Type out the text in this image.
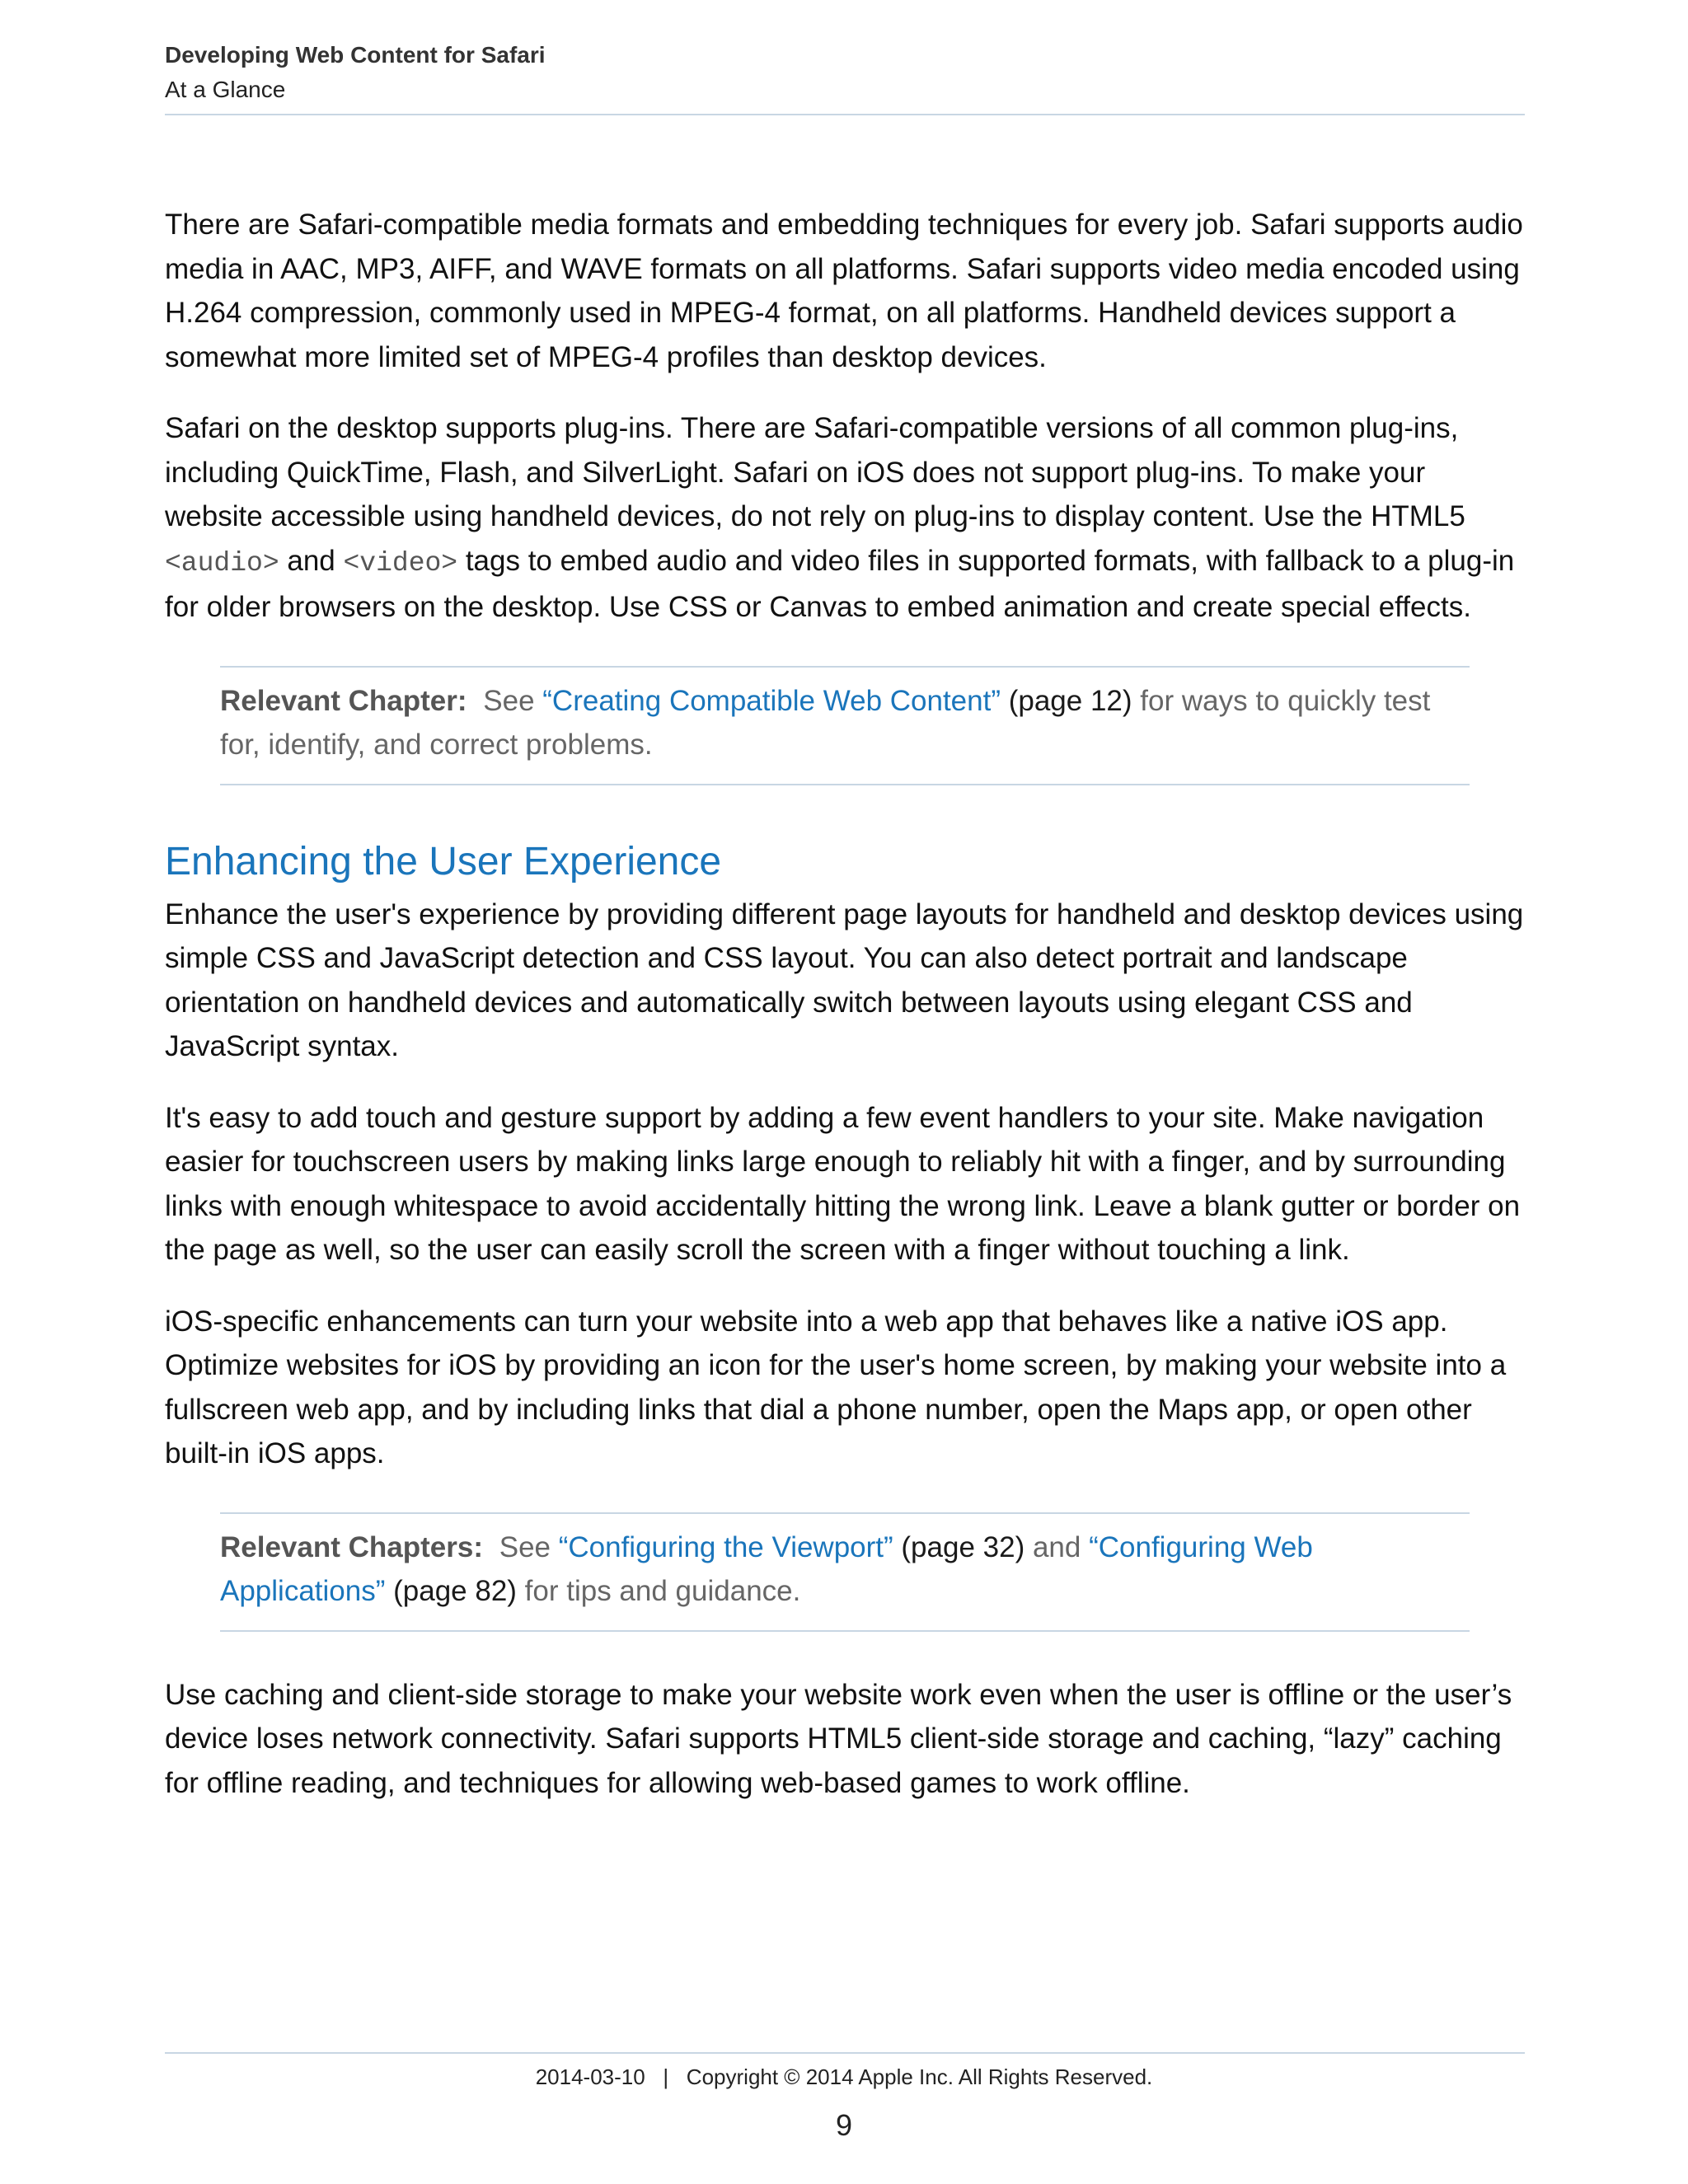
Developing Web Content for Safari
At a Glance

There are Safari-compatible media formats and embedding techniques for every job. Safari supports audio media in AAC, MP3, AIFF, and WAVE formats on all platforms. Safari supports video media encoded using H.264 compression, commonly used in MPEG-4 format, on all platforms. Handheld devices support a somewhat more limited set of MPEG-4 profiles than desktop devices.

Safari on the desktop supports plug-ins. There are Safari-compatible versions of all common plug-ins, including QuickTime, Flash, and SilverLight. Safari on iOS does not support plug-ins. To make your website accessible using handheld devices, do not rely on plug-ins to display content. Use the HTML5 <audio> and <video> tags to embed audio and video files in supported formats, with fallback to a plug-in for older browsers on the desktop. Use CSS or Canvas to embed animation and create special effects.

Relevant Chapter: See “Creating Compatible Web Content” (page 12) for ways to quickly test for, identify, and correct problems.
Enhancing the User Experience

Enhance the user's experience by providing different page layouts for handheld and desktop devices using simple CSS and JavaScript detection and CSS layout. You can also detect portrait and landscape orientation on handheld devices and automatically switch between layouts using elegant CSS and JavaScript syntax.

It's easy to add touch and gesture support by adding a few event handlers to your site. Make navigation easier for touchscreen users by making links large enough to reliably hit with a finger, and by surrounding links with enough whitespace to avoid accidentally hitting the wrong link. Leave a blank gutter or border on the page as well, so the user can easily scroll the screen with a finger without touching a link.

iOS-specific enhancements can turn your website into a web app that behaves like a native iOS app. Optimize websites for iOS by providing an icon for the user's home screen, by making your website into a fullscreen web app, and by including links that dial a phone number, open the Maps app, or open other built-in iOS apps.

Relevant Chapters: See “Configuring the Viewport” (page 32) and “Configuring Web Applications” (page 82) for tips and guidance.

Use caching and client-side storage to make your website work even when the user is offline or the user’s device loses network connectivity. Safari supports HTML5 client-side storage and caching, “lazy” caching for offline reading, and techniques for allowing web-based games to work offline.

2014-03-10   |   Copyright © 2014 Apple Inc. All Rights Reserved.
9
